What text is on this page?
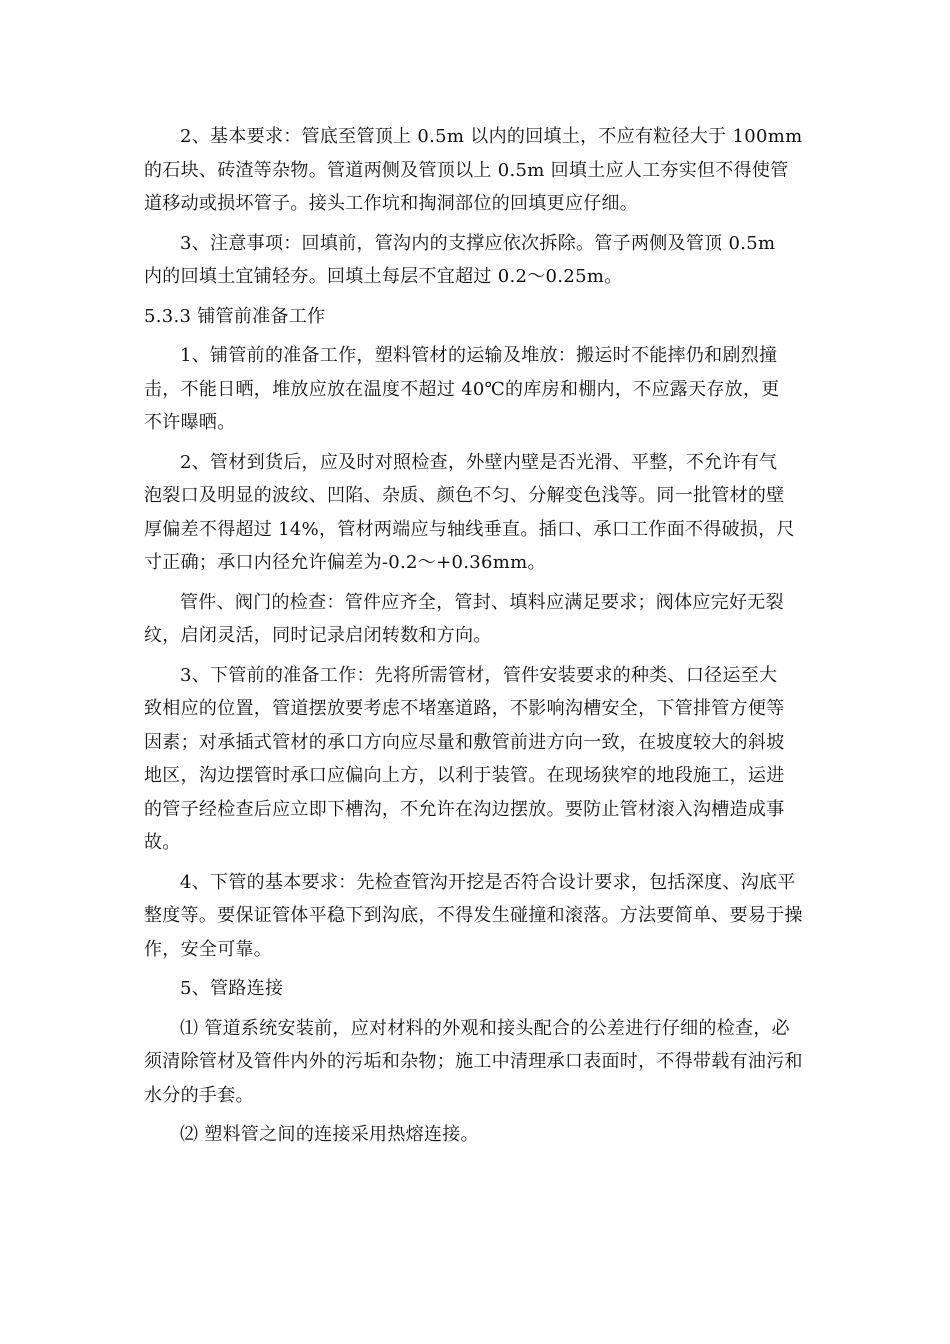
2、基本要求：管底至管顶上 0.5m 以内的回填土，不应有粒径大于 100mm
的石块、砖渣等杂物。管道两侧及管顶以上 0.5m 回填土应人工夯实但不得使管
道移动或损坏管子。接头工作坑和掏洞部位的回填更应仔细。

3、注意事项：回填前，管沟内的支撑应依次拆除。管子两侧及管顶 0.5m
内的回填土宜铺轻夯。回填土每层不宜超过 0.2～0.25m。

5.3.3 铺管前准备工作

1、铺管前的准备工作，塑料管材的运输及堆放：搬运时不能摔仍和剧烈撞
击，不能日晒，堆放应放在温度不超过 40℃的库房和棚内，不应露天存放，更
不许曝晒。

2、管材到货后，应及时对照检查，外壁内壁是否光滑、平整，不允许有气
泡裂口及明显的波纹、凹陷、杂质、颜色不匀、分解变色浅等。同一批管材的壁
厚偏差不得超过 14%，管材两端应与轴线垂直。插口、承口工作面不得破损，尺
寸正确；承口内径允许偏差为-0.2～+0.36mm。

管件、阀门的检查：管件应齐全，管封、填料应满足要求；阀体应完好无裂
纹，启闭灵活，同时记录启闭转数和方向。

3、下管前的准备工作：先将所需管材，管件安装要求的种类、口径运至大
致相应的位置，管道摆放要考虑不堵塞道路，不影响沟槽安全，下管排管方便等
因素；对承插式管材的承口方向应尽量和敷管前进方向一致，在坡度较大的斜坡
地区，沟边摆管时承口应偏向上方，以利于装管。在现场狭窄的地段施工，运进
的管子经检查后应立即下槽沟，不允许在沟边摆放。要防止管材滚入沟槽造成事
故。

4、下管的基本要求：先检查管沟开挖是否符合设计要求，包括深度、沟底平
整度等。要保证管体平稳下到沟底，不得发生碰撞和滚落。方法要简单、要易于操
作，安全可靠。

5、管路连接

⑴ 管道系统安装前，应对材料的外观和接头配合的公差进行仔细的检查，必
须清除管材及管件内外的污垢和杂物；施工中清理承口表面时，不得带载有油污和
水分的手套。

⑵ 塑料管之间的连接采用热熔连接。
